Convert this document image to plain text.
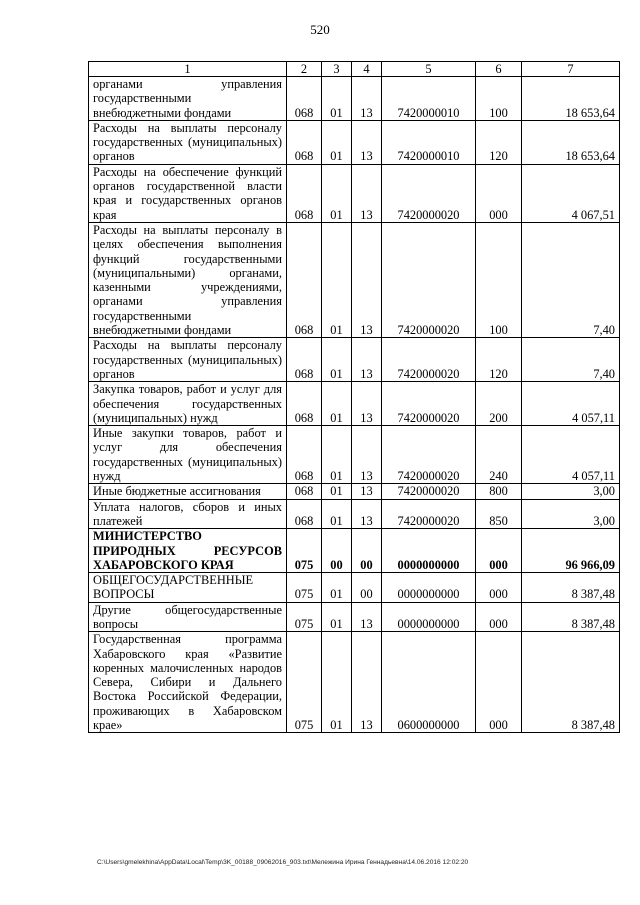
520
1	2	3	4	5	6	7
органами управления государственными внебюджетными фондами	068	01	13	7420000010	100	18 653,64
Расходы на выплаты персоналу государственных (муниципальных) органов	068	01	13	7420000010	120	18 653,64
Расходы на обеспечение функций органов государственной власти края и государственных органов края	068	01	13	7420000020	000	4 067,51
Расходы на выплаты персоналу в целях обеспечения выполнения функций государственными (муниципальными) органами, казенными учреждениями, органами управления государственными внебюджетными фондами	068	01	13	7420000020	100	7,40
Расходы на выплаты персоналу государственных (муниципальных) органов	068	01	13	7420000020	120	7,40
Закупка товаров, работ и услуг для обеспечения государственных (муниципальных) нужд	068	01	13	7420000020	200	4 057,11
Иные закупки товаров, работ и услуг для обеспечения государственных (муниципальных) нужд	068	01	13	7420000020	240	4 057,11
Иные бюджетные ассигнования	068	01	13	7420000020	800	3,00
Уплата налогов, сборов и иных платежей	068	01	13	7420000020	850	3,00
МИНИСТЕРСТВО ПРИРОДНЫХ РЕСУРСОВ ХАБАРОВСКОГО КРАЯ	075	00	00	0000000000	000	96 966,09
ОБЩЕГОСУДАРСТВЕННЫЕ ВОПРОСЫ	075	01	00	0000000000	000	8 387,48
Другие общегосударственные вопросы	075	01	13	0000000000	000	8 387,48
Государственная программа Хабаровского края «Развитие коренных малочисленных народов Севера, Сибири и Дальнего Востока Российской Федерации, проживающих в Хабаровском крае»	075	01	13	0600000000	000	8 387,48
C:\Users\gmelekhina\AppData\Local\Temp\3K_00188_09062016_903.txt\Мележина Ирина Геннадьевна\14.06.2016 12:02:20
